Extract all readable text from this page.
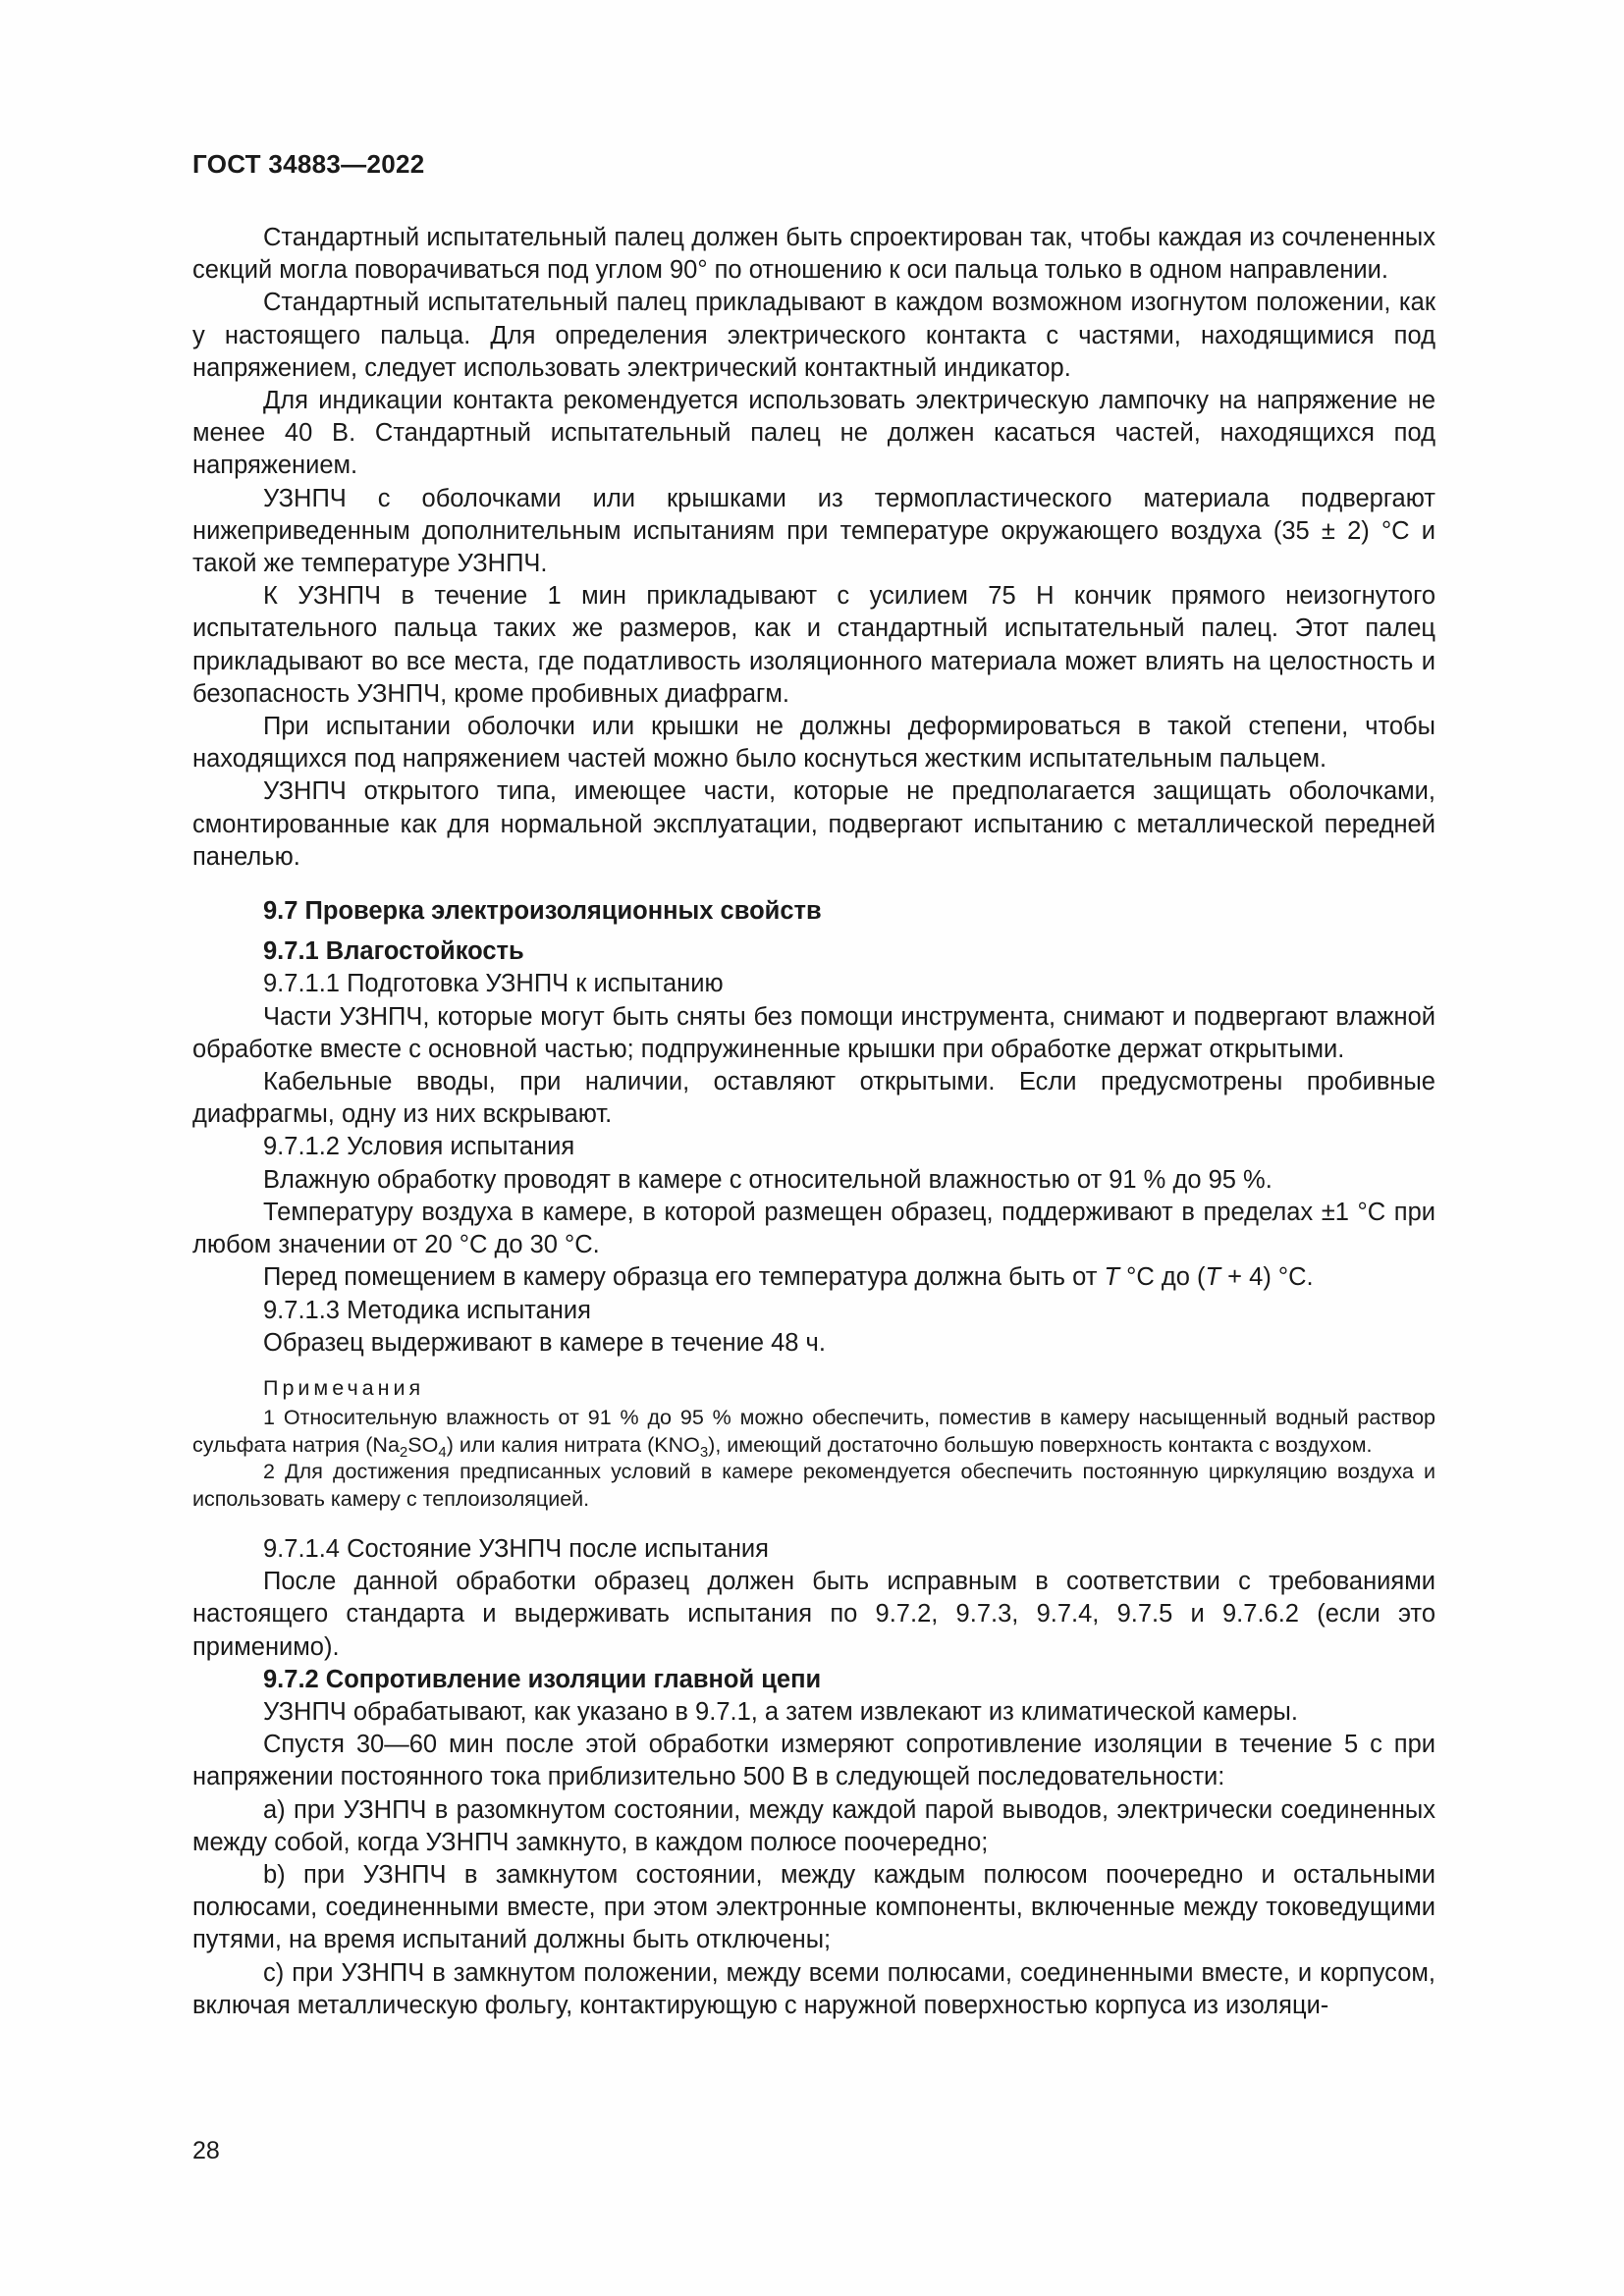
ГОСТ 34883—2022

Стандартный испытательный палец должен быть спроектирован так, чтобы каждая из сочлененных секций могла поворачиваться под углом 90° по отношению к оси пальца только в одном направлении.

Стандартный испытательный палец прикладывают в каждом возможном изогнутом положении, как у настоящего пальца. Для определения электрического контакта с частями, находящимися под напряжением, следует использовать электрический контактный индикатор.

Для индикации контакта рекомендуется использовать электрическую лампочку на напряжение не менее 40 В. Стандартный испытательный палец не должен касаться частей, находящихся под напряжением.

УЗНПЧ с оболочками или крышками из термопластического материала подвергают нижеприведенным дополнительным испытаниям при температуре окружающего воздуха (35 ± 2) °С и такой же температуре УЗНПЧ.

К УЗНПЧ в течение 1 мин прикладывают с усилием 75 Н кончик прямого неизогнутого испытательного пальца таких же размеров, как и стандартный испытательный палец. Этот палец прикладывают во все места, где податливость изоляционного материала может влиять на целостность и безопасность УЗНПЧ, кроме пробивных диафрагм.

При испытании оболочки или крышки не должны деформироваться в такой степени, чтобы находящихся под напряжением частей можно было коснуться жестким испытательным пальцем.

УЗНПЧ открытого типа, имеющее части, которые не предполагается защищать оболочками, смонтированные как для нормальной эксплуатации, подвергают испытанию с металлической передней панелью.

9.7 Проверка электроизоляционных свойств

9.7.1 Влагостойкость

9.7.1.1 Подготовка УЗНПЧ к испытанию

Части УЗНПЧ, которые могут быть сняты без помощи инструмента, снимают и подвергают влажной обработке вместе с основной частью; подпружиненные крышки при обработке держат открытыми.

Кабельные вводы, при наличии, оставляют открытыми. Если предусмотрены пробивные диафрагмы, одну из них вскрывают.

9.7.1.2 Условия испытания

Влажную обработку проводят в камере с относительной влажностью от 91 % до 95 %.

Температуру воздуха в камере, в которой размещен образец, поддерживают в пределах ±1 °С при любом значении от 20 °С до 30 °С.

Перед помещением в камеру образца его температура должна быть от Т °С до (Т + 4) °С.

9.7.1.3 Методика испытания

Образец выдерживают в камере в течение 48 ч.

Примечания

1 Относительную влажность от 91 % до 95 % можно обеспечить, поместив в камеру насыщенный водный раствор сульфата натрия $(Na_2SO_4)$ или калия нитрата $(KNO_3)$, имеющий достаточно большую поверхность контакта с воздухом.

2 Для достижения предписанных условий в камере рекомендуется обеспечить постоянную циркуляцию воздуха и использовать камеру с теплоизоляцией.

9.7.1.4 Состояние УЗНПЧ после испытания

После данной обработки образец должен быть исправным в соответствии с требованиями настоящего стандарта и выдерживать испытания по 9.7.2, 9.7.3, 9.7.4, 9.7.5 и 9.7.6.2 (если это применимо).

9.7.2 Сопротивление изоляции главной цепи

УЗНПЧ обрабатывают, как указано в 9.7.1, а затем извлекают из климатической камеры.

Спустя 30—60 мин после этой обработки измеряют сопротивление изоляции в течение 5 с при напряжении постоянного тока приблизительно 500 В в следующей последовательности:

а) при УЗНПЧ в разомкнутом состоянии, между каждой парой выводов, электрически соединенных между собой, когда УЗНПЧ замкнуто, в каждом полюсе поочередно;

b) при УЗНПЧ в замкнутом состоянии, между каждым полюсом поочередно и остальными полюсами, соединенными вместе, при этом электронные компоненты, включенные между токоведущими путями, на время испытаний должны быть отключены;

с) при УЗНПЧ в замкнутом положении, между всеми полюсами, соединенными вместе, и корпусом, включая металлическую фольгу, контактирующую с наружной поверхностью корпуса из изоляци-

28
